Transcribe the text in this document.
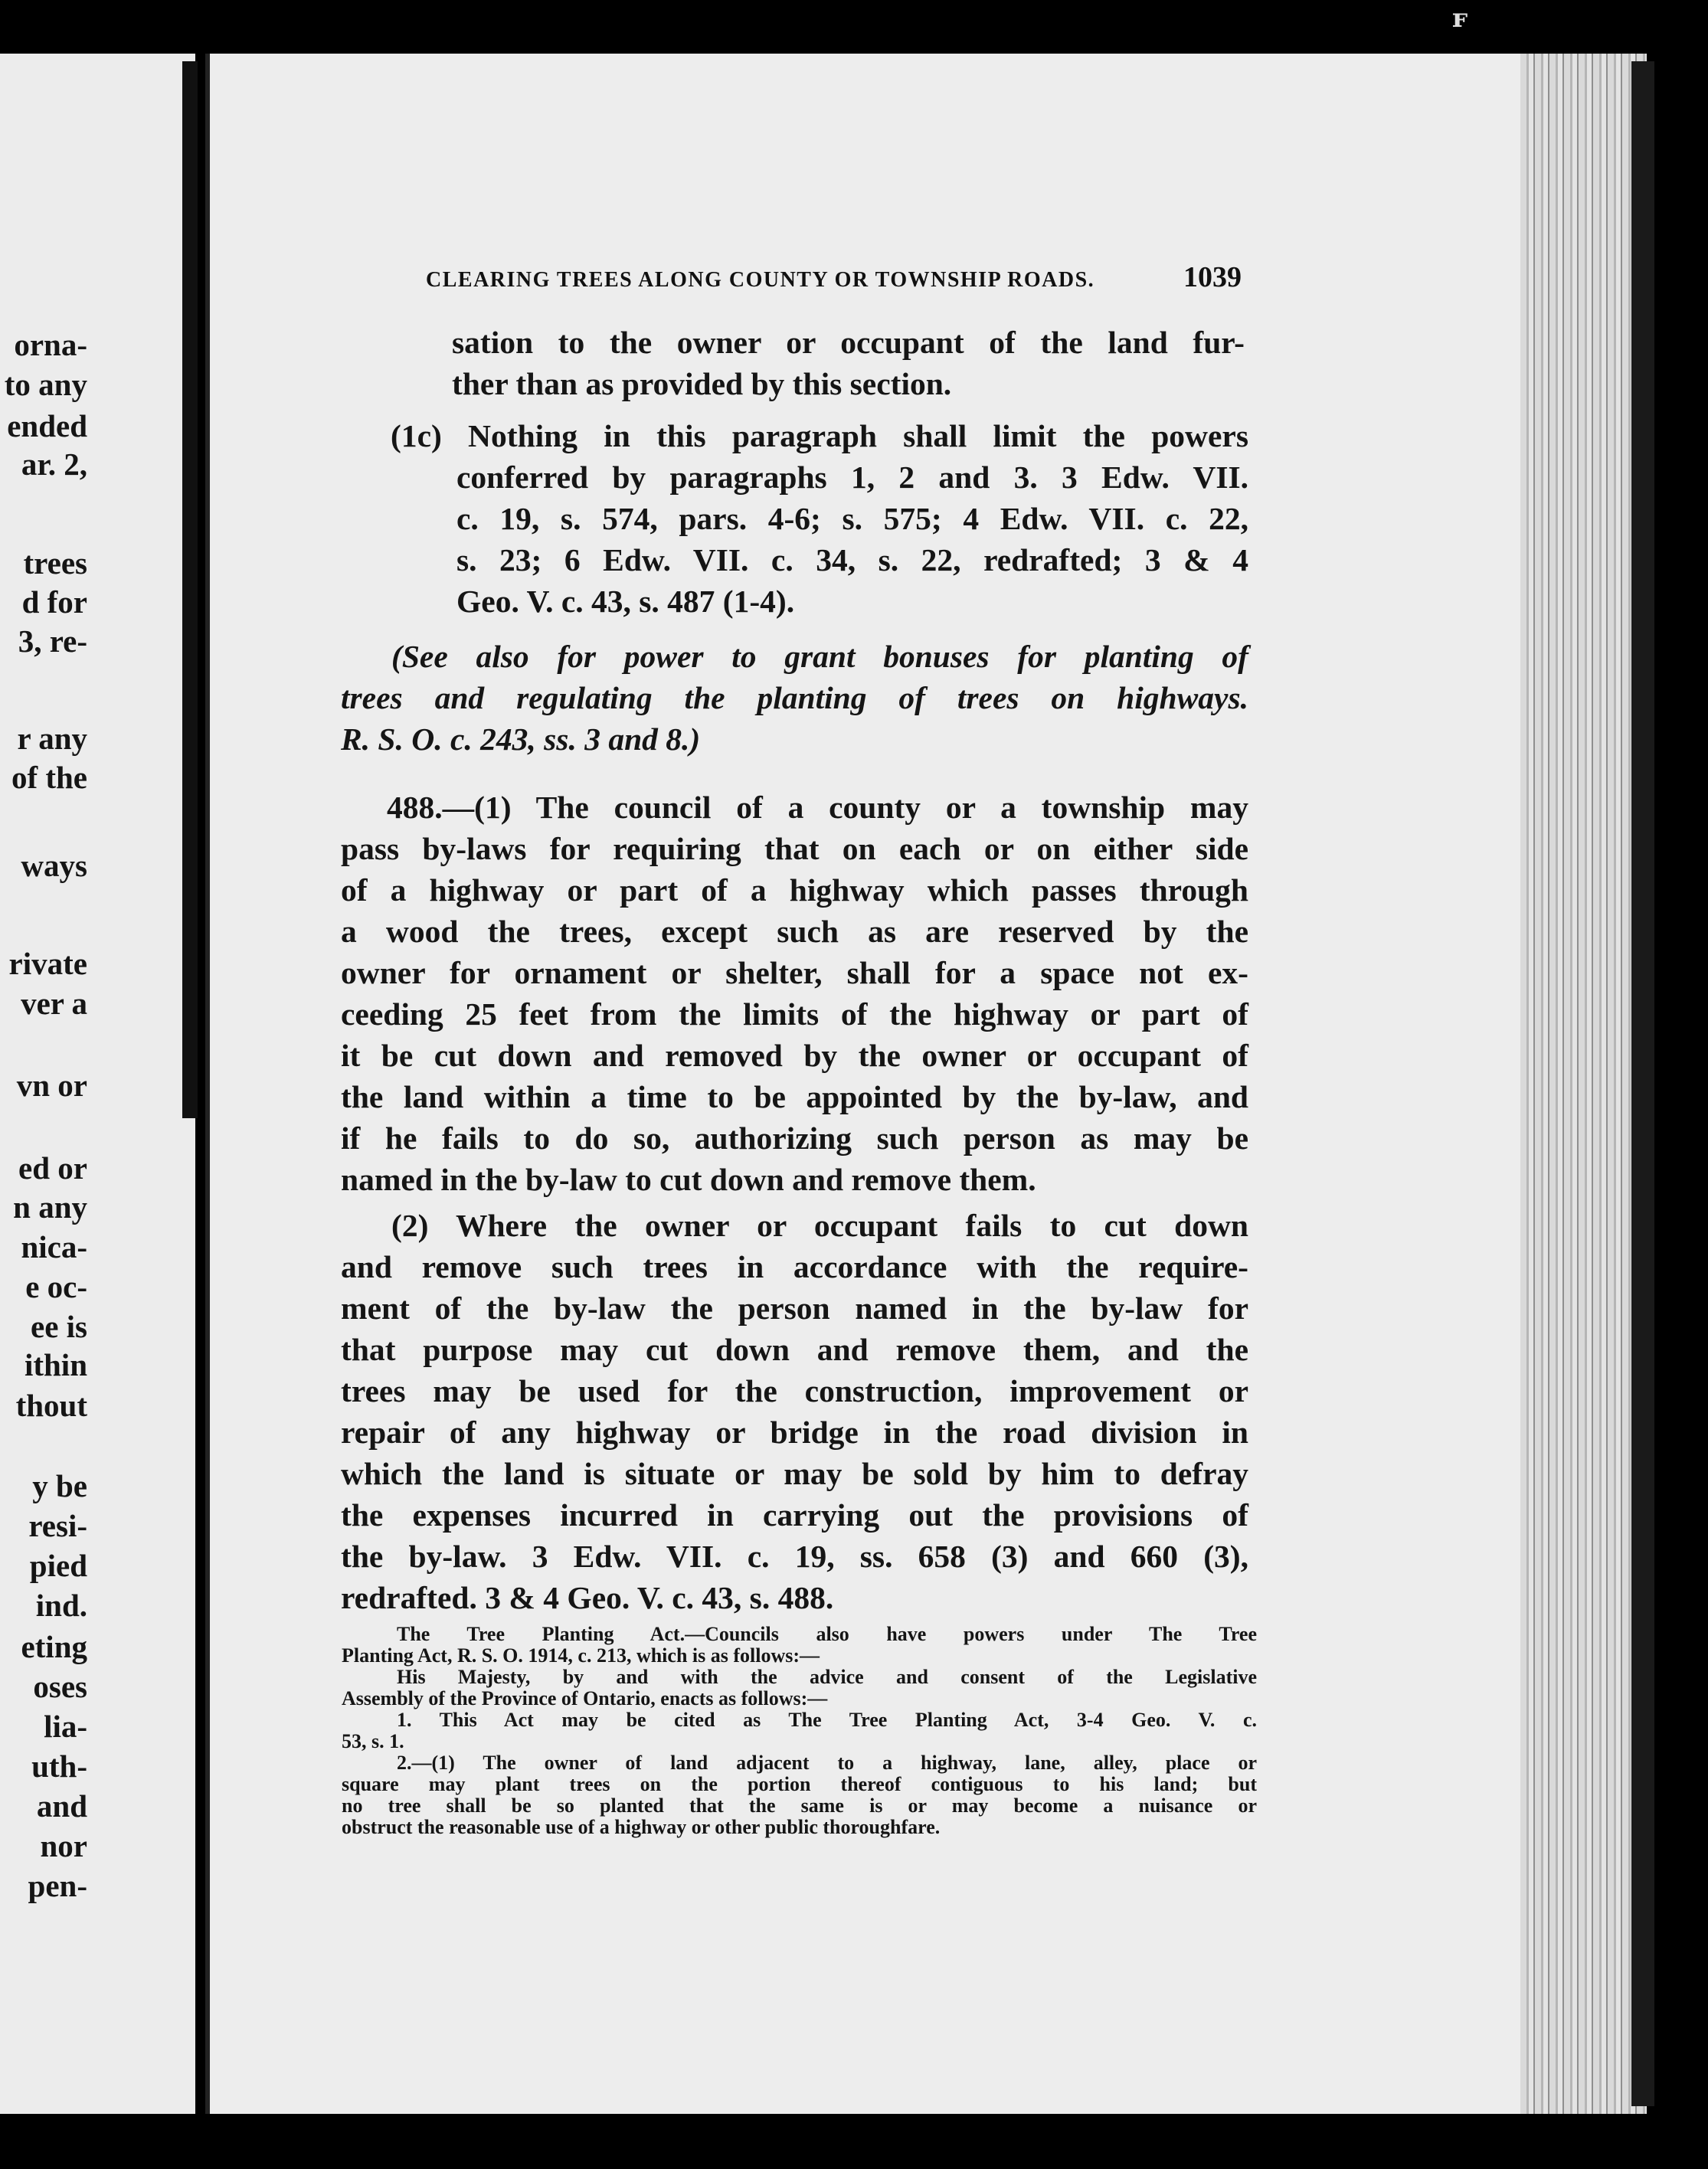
orna-
to any
ended
ar. 2,
trees
d for
3, re-
r any
of the
ways
rivate
ver a
vn or
ed or
n any
nica-
e oc-
ee is
ithin
thout
y be
resi-
pied
ind.
eting
oses
lia-
uth-
and
nor
pen-
ꜰ
CLEARING TREES ALONG COUNTY OR TOWNSHIP ROADS.	1039
sation to the owner or occupant of the land fur-
ther than as provided by this section.
(1c) Nothing in this paragraph shall limit the powers
conferred by paragraphs 1, 2 and 3. 3 Edw. VII.
c. 19, s. 574, pars. 4-6; s. 575; 4 Edw. VII. c. 22,
s. 23; 6 Edw. VII. c. 34, s. 22, redrafted; 3 & 4
Geo. V. c. 43, s. 487 (1-4).
(See also for power to grant bonuses for planting of
trees and regulating the planting of trees on highways.
R. S. O. c. 243, ss. 3 and 8.)
488.—(1) The council of a county or a township may
pass by-laws for requiring that on each or on either side
of a highway or part of a highway which passes through
a wood the trees, except such as are reserved by the
owner for ornament or shelter, shall for a space not ex-
ceeding 25 feet from the limits of the highway or part of
it be cut down and removed by the owner or occupant of
the land within a time to be appointed by the by-law, and
if he fails to do so, authorizing such person as may be
named in the by-law to cut down and remove them.
(2) Where the owner or occupant fails to cut down
and remove such trees in accordance with the require-
ment of the by-law the person named in the by-law for
that purpose may cut down and remove them, and the
trees may be used for the construction, improvement or
repair of any highway or bridge in the road division in
which the land is situate or may be sold by him to defray
the expenses incurred in carrying out the provisions of
the by-law. 3 Edw. VII. c. 19, ss. 658 (3) and 660 (3),
redrafted. 3 & 4 Geo. V. c. 43, s. 488.
The Tree Planting Act.—Councils also have powers under The Tree
Planting Act, R. S. O. 1914, c. 213, which is as follows:—
His Majesty, by and with the advice and consent of the Legislative
Assembly of the Province of Ontario, enacts as follows:—
1. This Act may be cited as The Tree Planting Act, 3-4 Geo. V. c.
53, s. 1.
2.—(1) The owner of land adjacent to a highway, lane, alley, place or
square may plant trees on the portion thereof contiguous to his land; but
no tree shall be so planted that the same is or may become a nuisance or
obstruct the reasonable use of a highway or other public thoroughfare.
